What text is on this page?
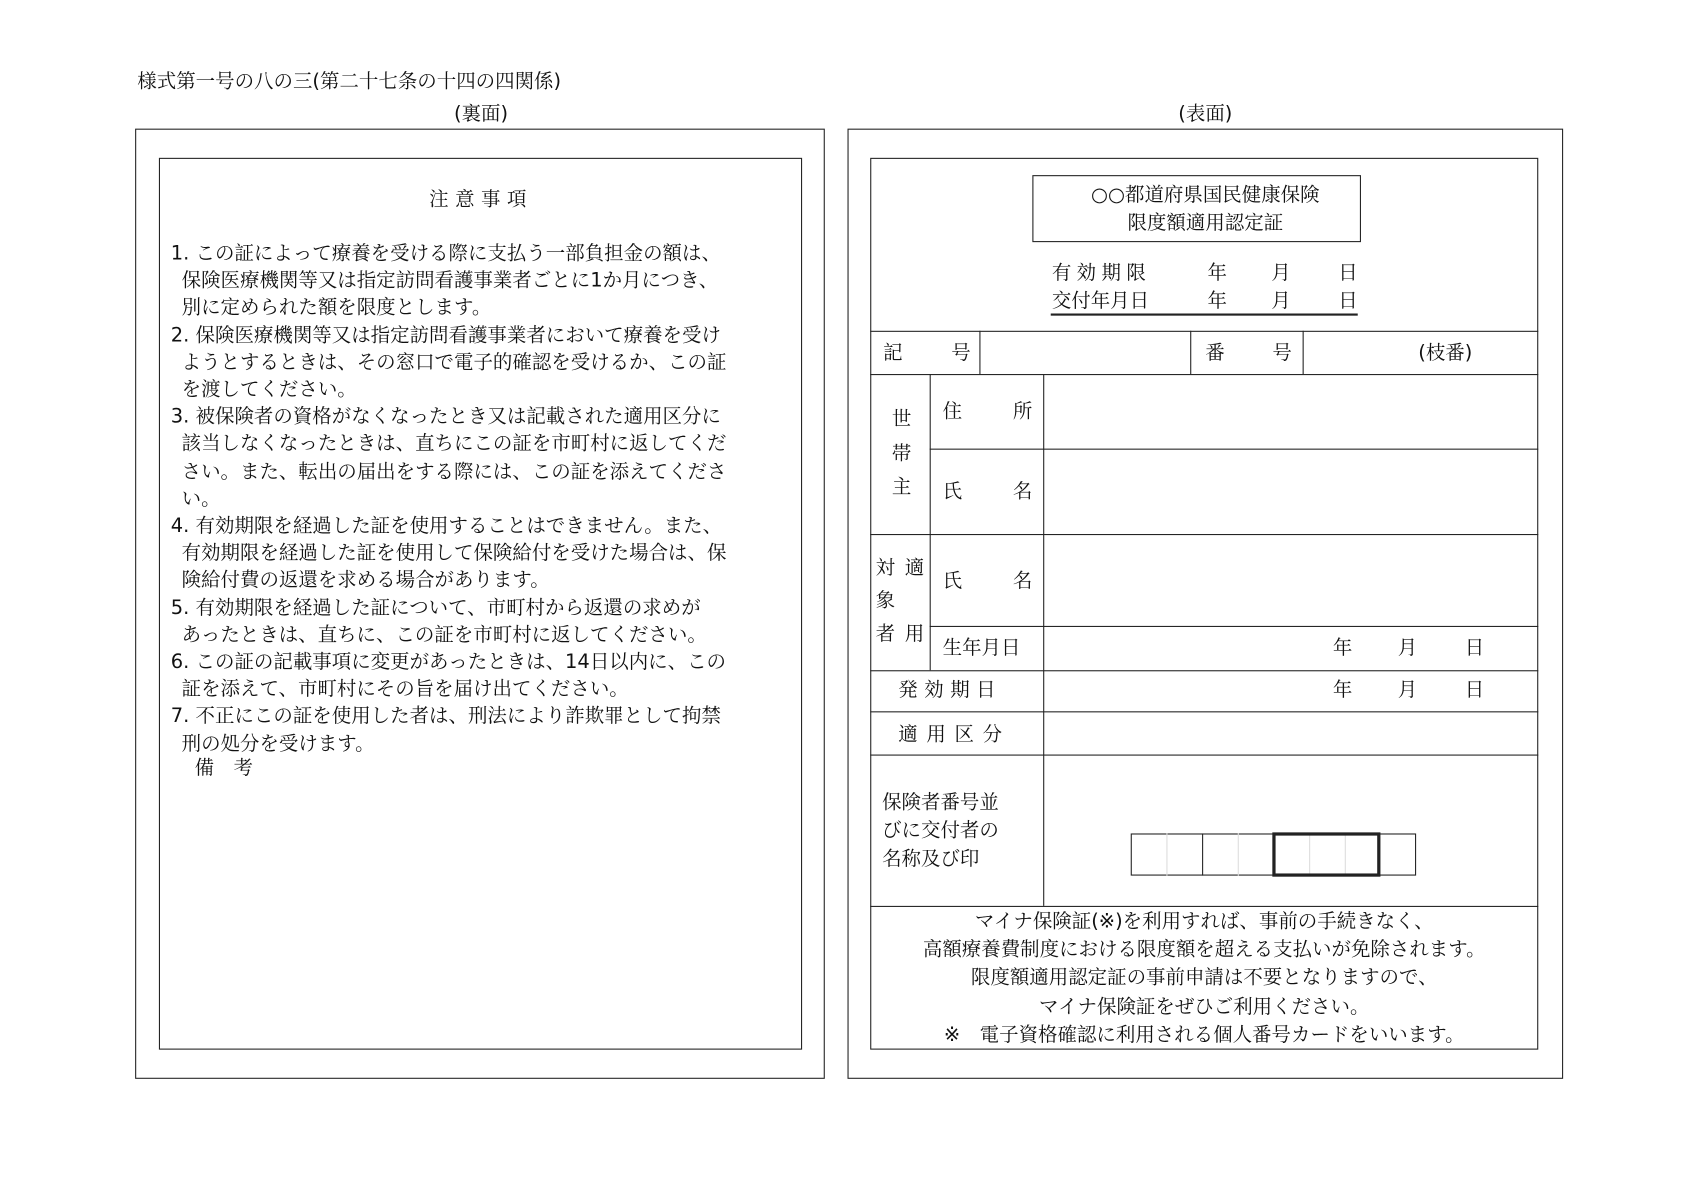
様式第一号の八の三(第二十七条の十四の四関係)
(裏面)	(表面)
注意事項
1. この証によって療養を受ける際に支払う一部負担金の額は、
保険医療機関等又は指定訪問看護事業者ごとに1か月につき、
別に定められた額を限度とします。
2. 保険医療機関等又は指定訪問看護事業者において療養を受け
ようとするときは、その窓口で電子的確認を受けるか、この証
を渡してください。
3. 被保険者の資格がなくなったとき又は記載された適用区分に
該当しなくなったときは、直ちにこの証を市町村に返してくだ
さい。また、転出の届出をする際には、この証を添えてくださ
い。
4. 有効期限を経過した証を使用することはできません。また、
有効期限を経過した証を使用して保険給付を受けた場合は、保
険給付費の返還を求める場合があります。
5. 有効期限を経過した証について、市町村から返還の求めが
あったときは、直ちに、この証を市町村に返してください。
6. この証の記載事項に変更があったときは、14日以内に、この
証を添えて、市町村にその旨を届け出てください。
7. 不正にこの証を使用した者は、刑法により詐欺罪として拘禁
刑の処分を受けます。
備　考
○○都道府県国民健康保険
限度額適用認定証
有効期限	年 月	日
交付年月日	年 月	日
記	号	番	号	(枝番)
世
帯
主
住	所
氏	名
対 適
象
者 用
氏	名
生年月日	年	月	日
発効期日	年	月	日
適用区分
保険者番号並
びに交付者の
名称及び印
マイナ保険証(※)を利用すれば、事前の手続きなく、
高額療養費制度における限度額を超える支払いが免除されます。
限度額適用認定証の事前申請は不要となりますので、
マイナ保険証をぜひご利用ください。
※　電子資格確認に利用される個人番号カードをいいます。
